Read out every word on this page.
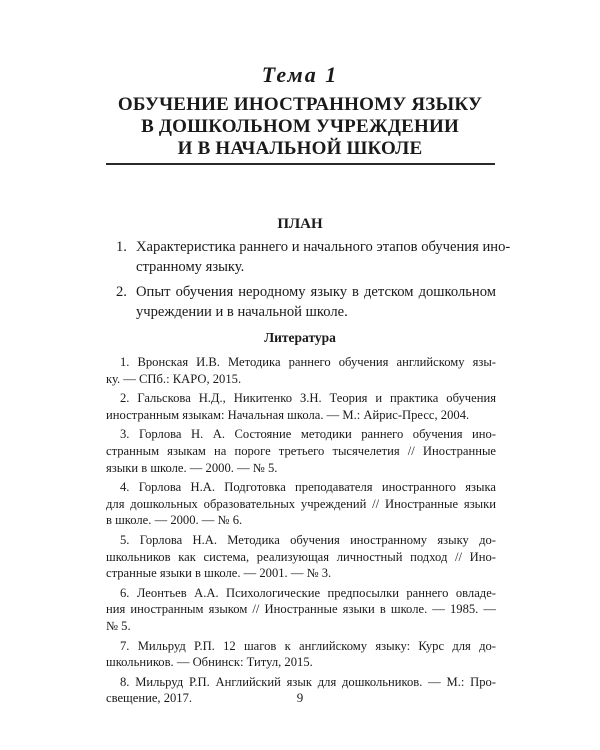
Тема 1
ОБУЧЕНИЕ ИНОСТРАННОМУ ЯЗЫКУ
В ДОШКОЛЬНОМ УЧРЕЖДЕНИИ
И В НАЧАЛЬНОЙ ШКОЛЕ
ПЛАН
1. Характеристика раннего и начального этапов обучения ино-
странному языку.
2. Опыт обучения неродному языку в детском дошкольном
учреждении и в начальной школе.
Литература
1. Вронская И.В. Методика раннего обучения английскому язы-
ку. — СПб.: КАРО, 2015.
2. Гальскова Н.Д., Никитенко З.Н. Теория и практика обучения
иностранным языкам: Начальная школа. — М.: Айрис-Пресс, 2004.
3. Горлова Н. А. Состояние методики раннего обучения ино-
странным языкам на пороге третьего тысячелетия // Иностранные
языки в школе. — 2000. — № 5.
4. Горлова Н.А. Подготовка преподавателя иностранного языка
для дошкольных образовательных учреждений // Иностранные языки
в школе. — 2000. — № 6.
5. Горлова Н.А. Методика обучения иностранному языку до-
школьников как система, реализующая личностный подход // Ино-
странные языки в школе. — 2001. — № 3.
6. Леонтьев А.А. Психологические предпосылки раннего овладе-
ния иностранным языком // Иностранные языки в школе. — 1985. —
№ 5.
7. Мильруд Р.П. 12 шагов к английскому языку: Курс для до-
школьников. — Обнинск: Титул, 2015.
8. Мильруд Р.П. Английский язык для дошкольников. — М.: Про-
свещение, 2017.	9
